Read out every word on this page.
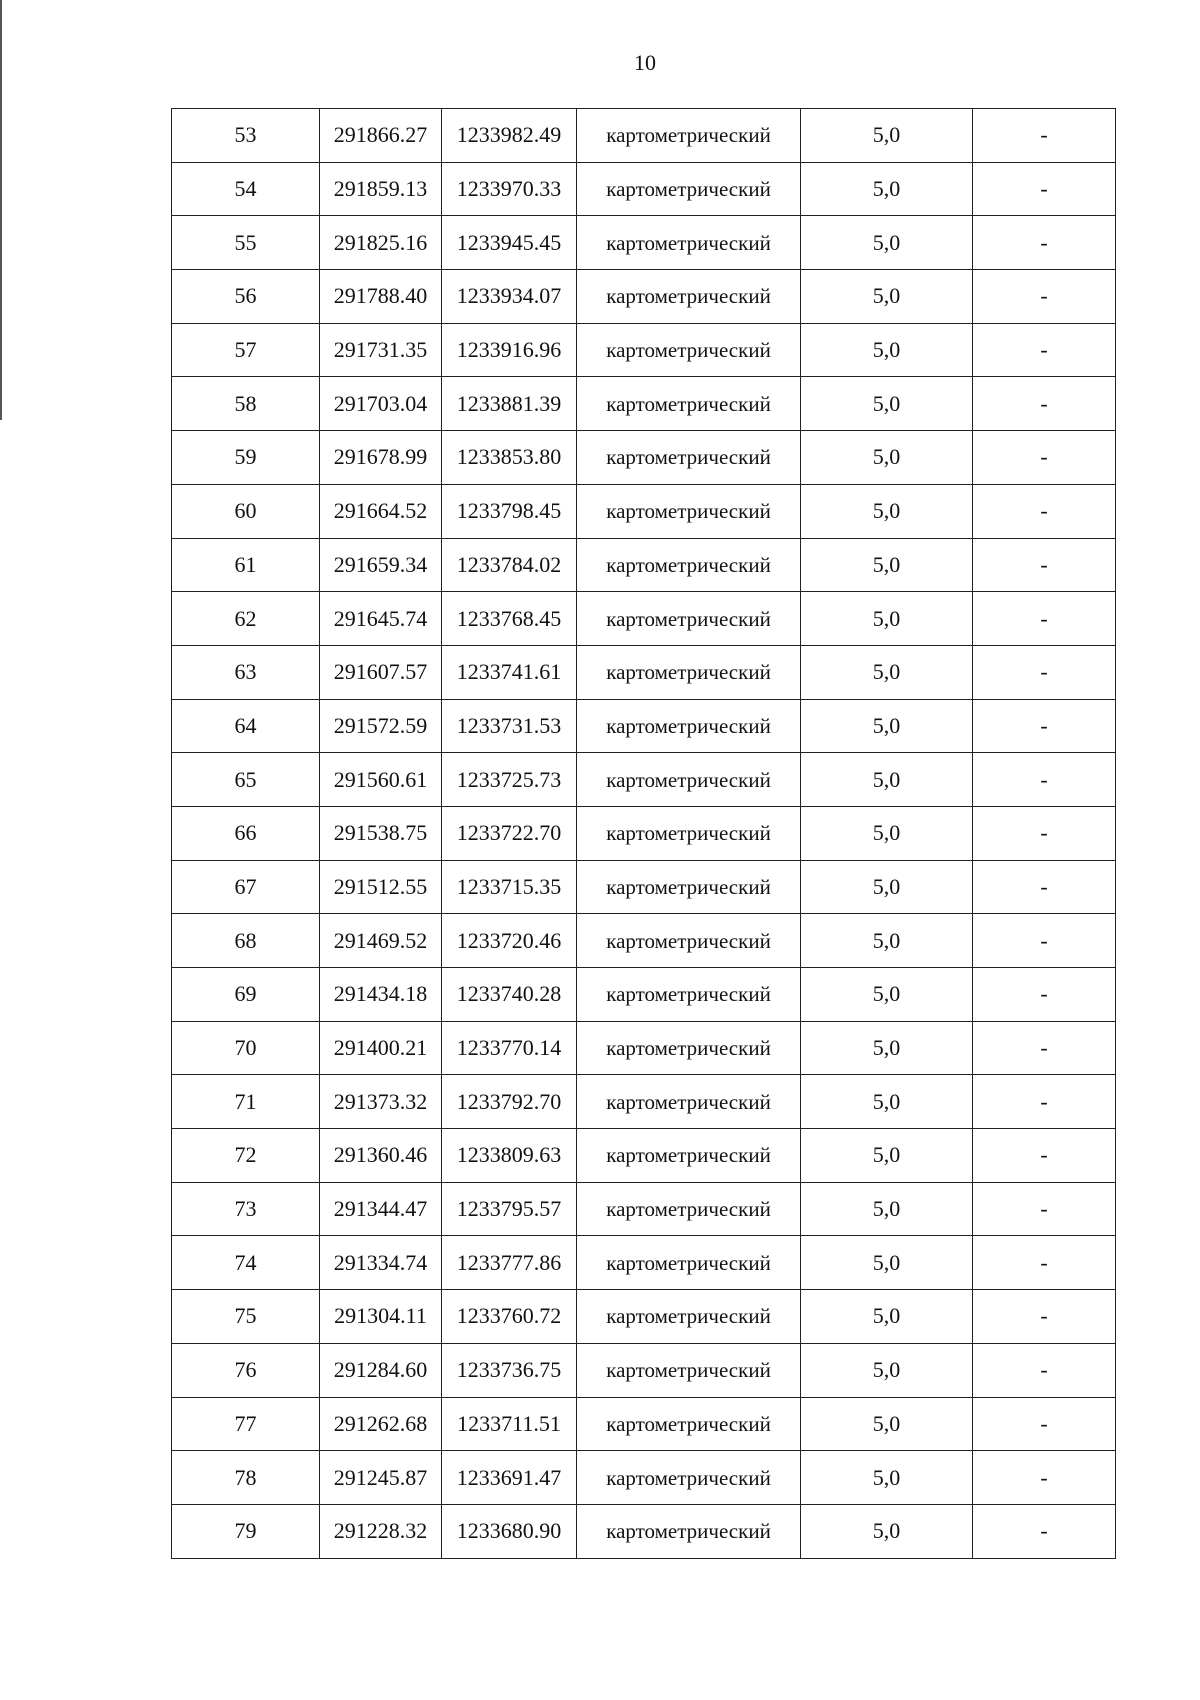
10
53	291866.27	1233982.49	картометрический	5,0	-
54	291859.13	1233970.33	картометрический	5,0	-
55	291825.16	1233945.45	картометрический	5,0	-
56	291788.40	1233934.07	картометрический	5,0	-
57	291731.35	1233916.96	картометрический	5,0	-
58	291703.04	1233881.39	картометрический	5,0	-
59	291678.99	1233853.80	картометрический	5,0	-
60	291664.52	1233798.45	картометрический	5,0	-
61	291659.34	1233784.02	картометрический	5,0	-
62	291645.74	1233768.45	картометрический	5,0	-
63	291607.57	1233741.61	картометрический	5,0	-
64	291572.59	1233731.53	картометрический	5,0	-
65	291560.61	1233725.73	картометрический	5,0	-
66	291538.75	1233722.70	картометрический	5,0	-
67	291512.55	1233715.35	картометрический	5,0	-
68	291469.52	1233720.46	картометрический	5,0	-
69	291434.18	1233740.28	картометрический	5,0	-
70	291400.21	1233770.14	картометрический	5,0	-
71	291373.32	1233792.70	картометрический	5,0	-
72	291360.46	1233809.63	картометрический	5,0	-
73	291344.47	1233795.57	картометрический	5,0	-
74	291334.74	1233777.86	картометрический	5,0	-
75	291304.11	1233760.72	картометрический	5,0	-
76	291284.60	1233736.75	картометрический	5,0	-
77	291262.68	1233711.51	картометрический	5,0	-
78	291245.87	1233691.47	картометрический	5,0	-
79	291228.32	1233680.90	картометрический	5,0	-
